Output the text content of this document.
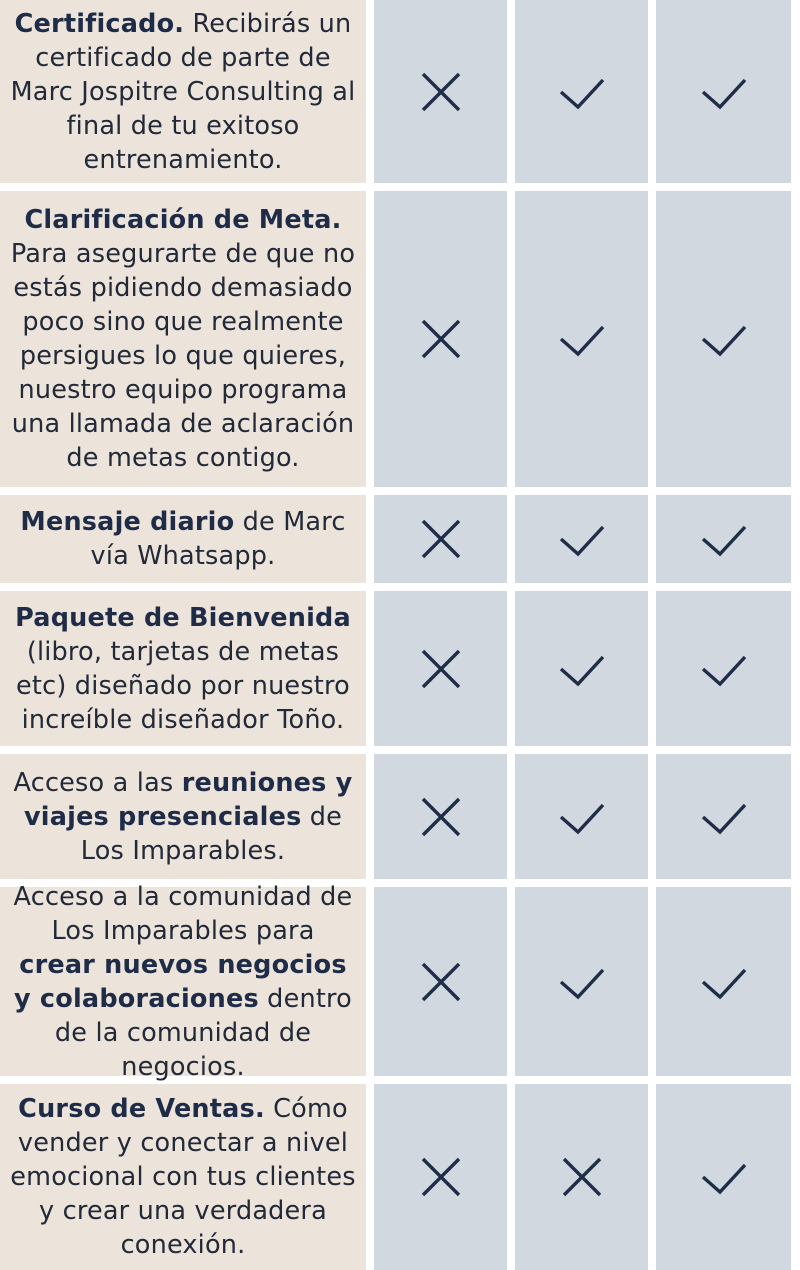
Certificado. Recibirás un certificado de parte de Marc Jospitre Consulting al final de tu exitoso entrenamiento.
Clarificación de Meta. Para asegurarte de que no estás pidiendo demasiado poco sino que realmente persigues lo que quieres, nuestro equipo programa una llamada de aclaración de metas contigo.
Mensaje diario de Marc vía Whatsapp.
Paquete de Bienvenida (libro, tarjetas de metas etc) diseñado por nuestro increíble diseñador Toño.
Acceso a las reuniones y viajes presenciales de Los Imparables.
Acceso a la comunidad de Los Imparables para crear nuevos negocios y colaboraciones dentro de la comunidad de negocios.
Curso de Ventas. Cómo vender y conectar a nivel emocional con tus clientes y crear una verdadera conexión.
